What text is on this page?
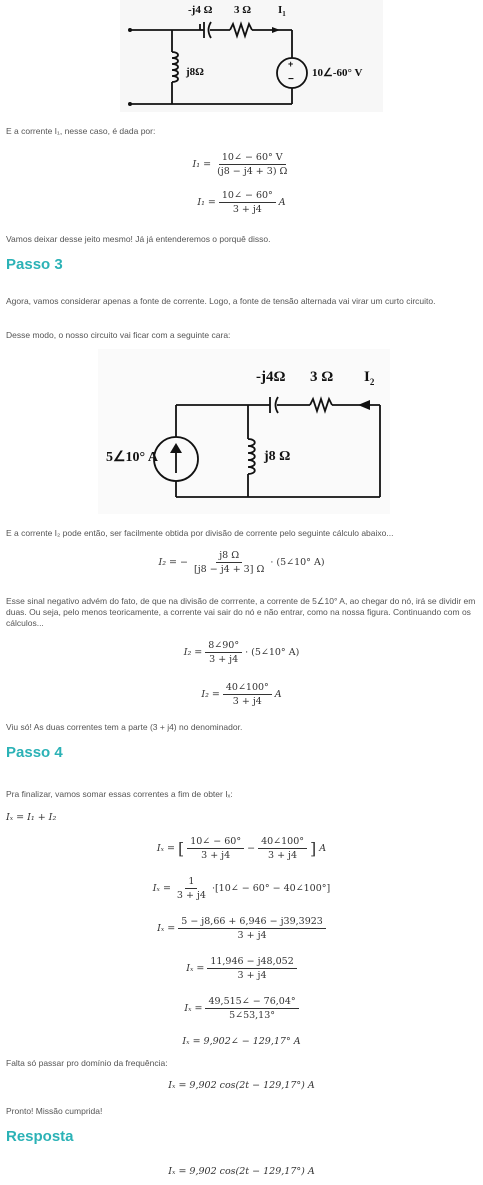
-j4 Ω 3 Ω $I_1$
j8Ω
+
−
10∠-60° V
E a corrente I₁, nesse caso, é dada por:
$I_1 = \frac{10\angle - 60^\circ V}{(j8 - j4 + 3) \Omega}$
$I_1 = \frac{10\angle - 60^\circ}{3 + j4}$ A
Vamos deixar desse jeito mesmo! Já já entenderemos o porquê disso.
Passo 3
Agora, vamos considerar apenas a fonte de corrente. Logo, a fonte de tensão alternada vai virar um curto circuito.
Desse modo, o nosso circuito vai ficar com a seguinte cara:
-j4Ω 3 Ω $I_2$
j8 Ω
5∠10° A
E a corrente I₂ pode então, ser facilmente obtida por divisão de corrente pelo seguinte cálculo abaixo...
I₂ = − $\frac{j8 \Omega}{[j8 - j4 + 3] \Omega}$ · (5∠10° A)
Esse sinal negativo advém do fato, de que na divisão de corrrente, a corrente de 5∠10° A, ao chegar do nó, irá se dividir em duas. Ou seja, pelo menos teoricamente, a corrente vai sair do nó e não entrar, como na nossa figura. Continuando com os cálculos...
$I_2 = \frac{8\angle 90^\circ}{3 + j4}$ · (5∠10° A)
$I_2 = \frac{40\angle 100^\circ}{3 + j4}$ A
Viu só! As duas correntes tem a parte (3 + j4) no denominador.
Passo 4
Pra finalizar, vamos somar essas correntes a fim de obter Iₓ:
Iₓ = I₁ + I₂
Iₓ = [ $\frac{10\angle - 60^\circ}{3 + j4} - \frac{40\angle 100^\circ}{3 + j4}$ ] A
$I_x = \frac{1}{3 + j4}$ ·[10∠ − 60° − 40∠100°]
$I_x = \frac{5 - j8,66 + 6,946 - j39,3923}{3 + j4}$
$I_x = \frac{11,946 - j48,052}{3 + j4}$
$I_x = \frac{49,515\angle - 76,04^\circ}{5\angle 53,13^\circ}$
Iₓ = 9,902∠ − 129,17° A
Falta só passar pro domínio da frequência:
Iₓ = 9,902 cos(2t − 129,17°) A
Pronto! Missão cumprida!
Resposta
Iₓ = 9,902 cos(2t − 129,17°) A
